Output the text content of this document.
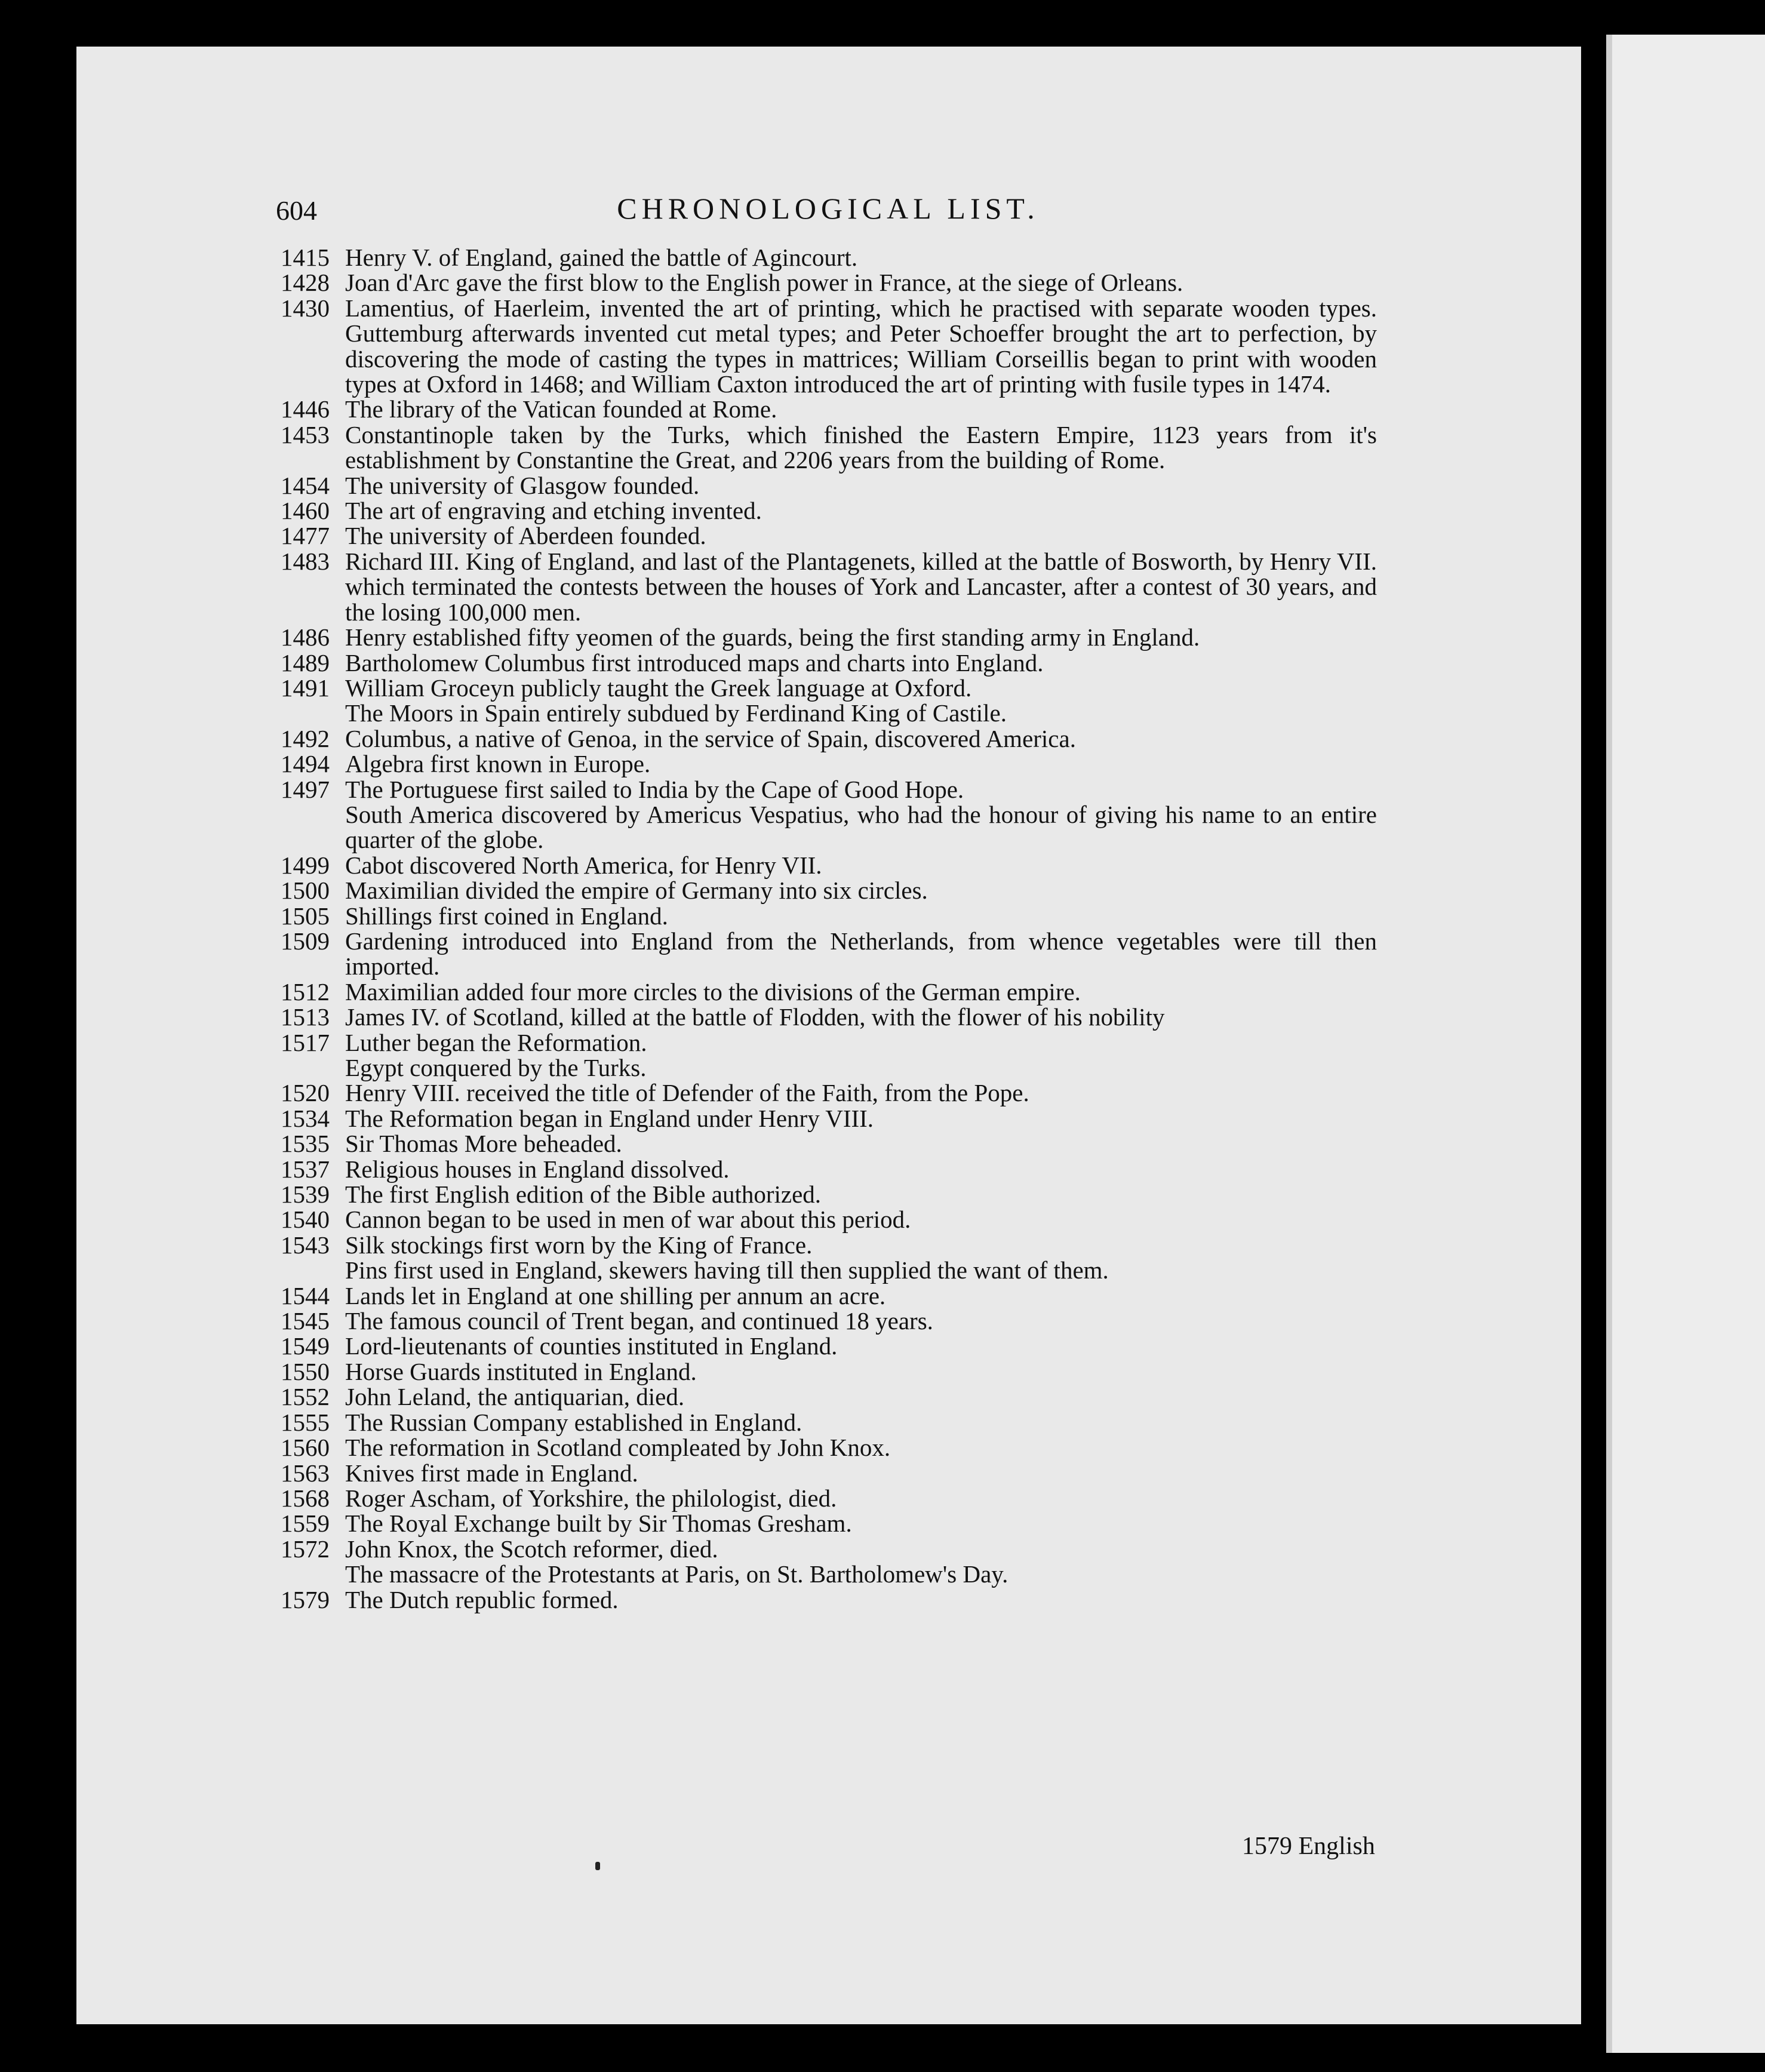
604	CHRONOLOGICAL LIST.
1415 Henry V. of England, gained the battle of Agincourt.
1428 Joan d'Arc gave the first blow to the English power in France, at the siege of Orleans.
1430 Lamentius, of Haerleim, invented the art of printing, which he practised with separate wooden types. Guttemburg afterwards invented cut metal types; and Peter Schoeffer brought the art to perfection, by discovering the mode of casting the types in mattrices; William Corseillis began to print with wooden types at Oxford in 1468; and William Caxton introduced the art of printing with fusile types in 1474.
1446 The library of the Vatican founded at Rome.
1453 Constantinople taken by the Turks, which finished the Eastern Empire, 1123 years from it's establishment by Constantine the Great, and 2206 years from the building of Rome.
1454 The university of Glasgow founded.
1460 The art of engraving and etching invented.
1477 The university of Aberdeen founded.
1483 Richard III. King of England, and last of the Plantagenets, killed at the battle of Bosworth, by Henry VII. which terminated the contests between the houses of York and Lancaster, after a contest of 30 years, and the losing 100,000 men.
1486 Henry established fifty yeomen of the guards, being the first standing army in England.
1489 Bartholomew Columbus first introduced maps and charts into England.
1491 William Groceyn publicly taught the Greek language at Oxford.
The Moors in Spain entirely subdued by Ferdinand King of Castile.
1492 Columbus, a native of Genoa, in the service of Spain, discovered America.
1494 Algebra first known in Europe.
1497 The Portuguese first sailed to India by the Cape of Good Hope.
South America discovered by Americus Vespatius, who had the honour of giving his name to an entire quarter of the globe.
1499 Cabot discovered North America, for Henry VII.
1500 Maximilian divided the empire of Germany into six circles.
1505 Shillings first coined in England.
1509 Gardening introduced into England from the Netherlands, from whence vegetables were till then imported.
1512 Maximilian added four more circles to the divisions of the German empire.
1513 James IV. of Scotland, killed at the battle of Flodden, with the flower of his nobility
1517 Luther began the Reformation.
Egypt conquered by the Turks.
1520 Henry VIII. received the title of Defender of the Faith, from the Pope.
1534 The Reformation began in England under Henry VIII.
1535 Sir Thomas More beheaded.
1537 Religious houses in England dissolved.
1539 The first English edition of the Bible authorized.
1540 Cannon began to be used in men of war about this period.
1543 Silk stockings first worn by the King of France.
Pins first used in England, skewers having till then supplied the want of them.
1544 Lands let in England at one shilling per annum an acre.
1545 The famous council of Trent began, and continued 18 years.
1549 Lord-lieutenants of counties instituted in England.
1550 Horse Guards instituted in England.
1552 John Leland, the antiquarian, died.
1555 The Russian Company established in England.
1560 The reformation in Scotland compleated by John Knox.
1563 Knives first made in England.
1568 Roger Ascham, of Yorkshire, the philologist, died.
1559 The Royal Exchange built by Sir Thomas Gresham.
1572 John Knox, the Scotch reformer, died.
The massacre of the Protestants at Paris, on St. Bartholomew's Day.
1579 The Dutch republic formed.
1579 English
